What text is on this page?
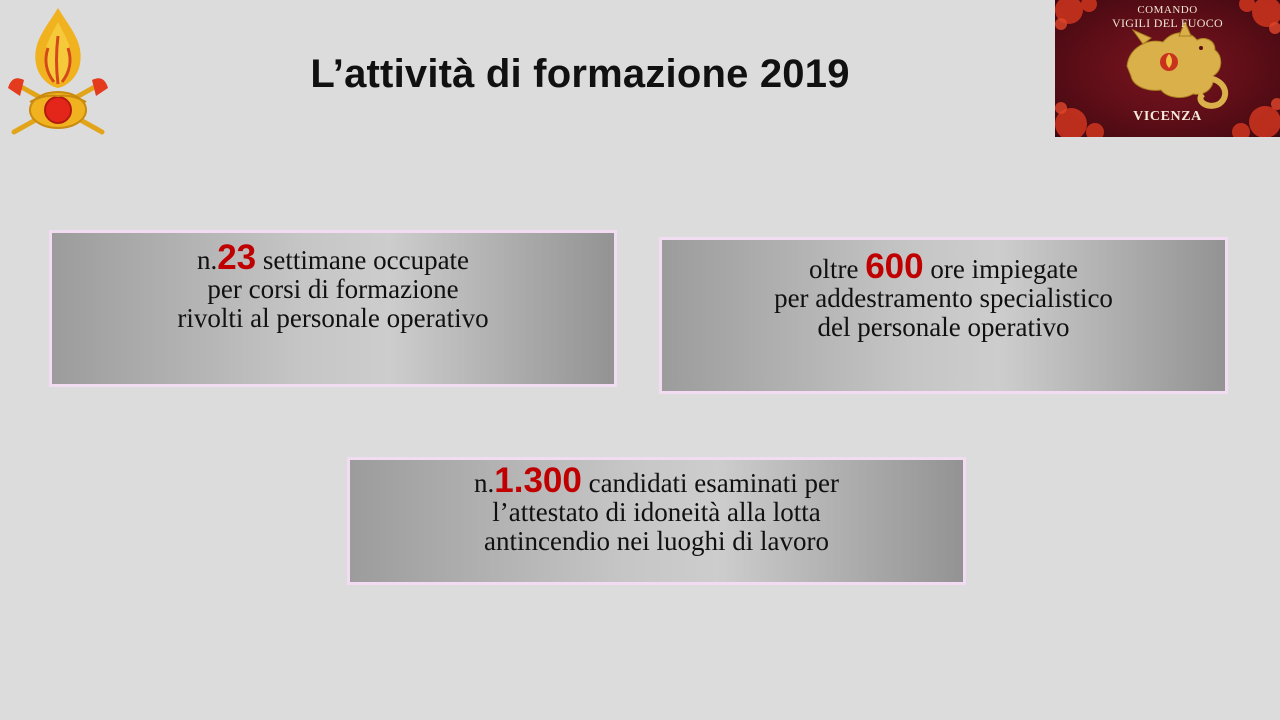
L’attività di formazione 2019
COMANDO
VIGILI DEL FUOCO
VICENZA
n.23 settimane occupate
per corsi di formazione
rivolti al personale operativo
oltre 600 ore impiegate
per addestramento specialistico
del personale operativo
n.1.300 candidati esaminati per
l’attestato di idoneità alla lotta
antincendio nei luoghi di lavoro
